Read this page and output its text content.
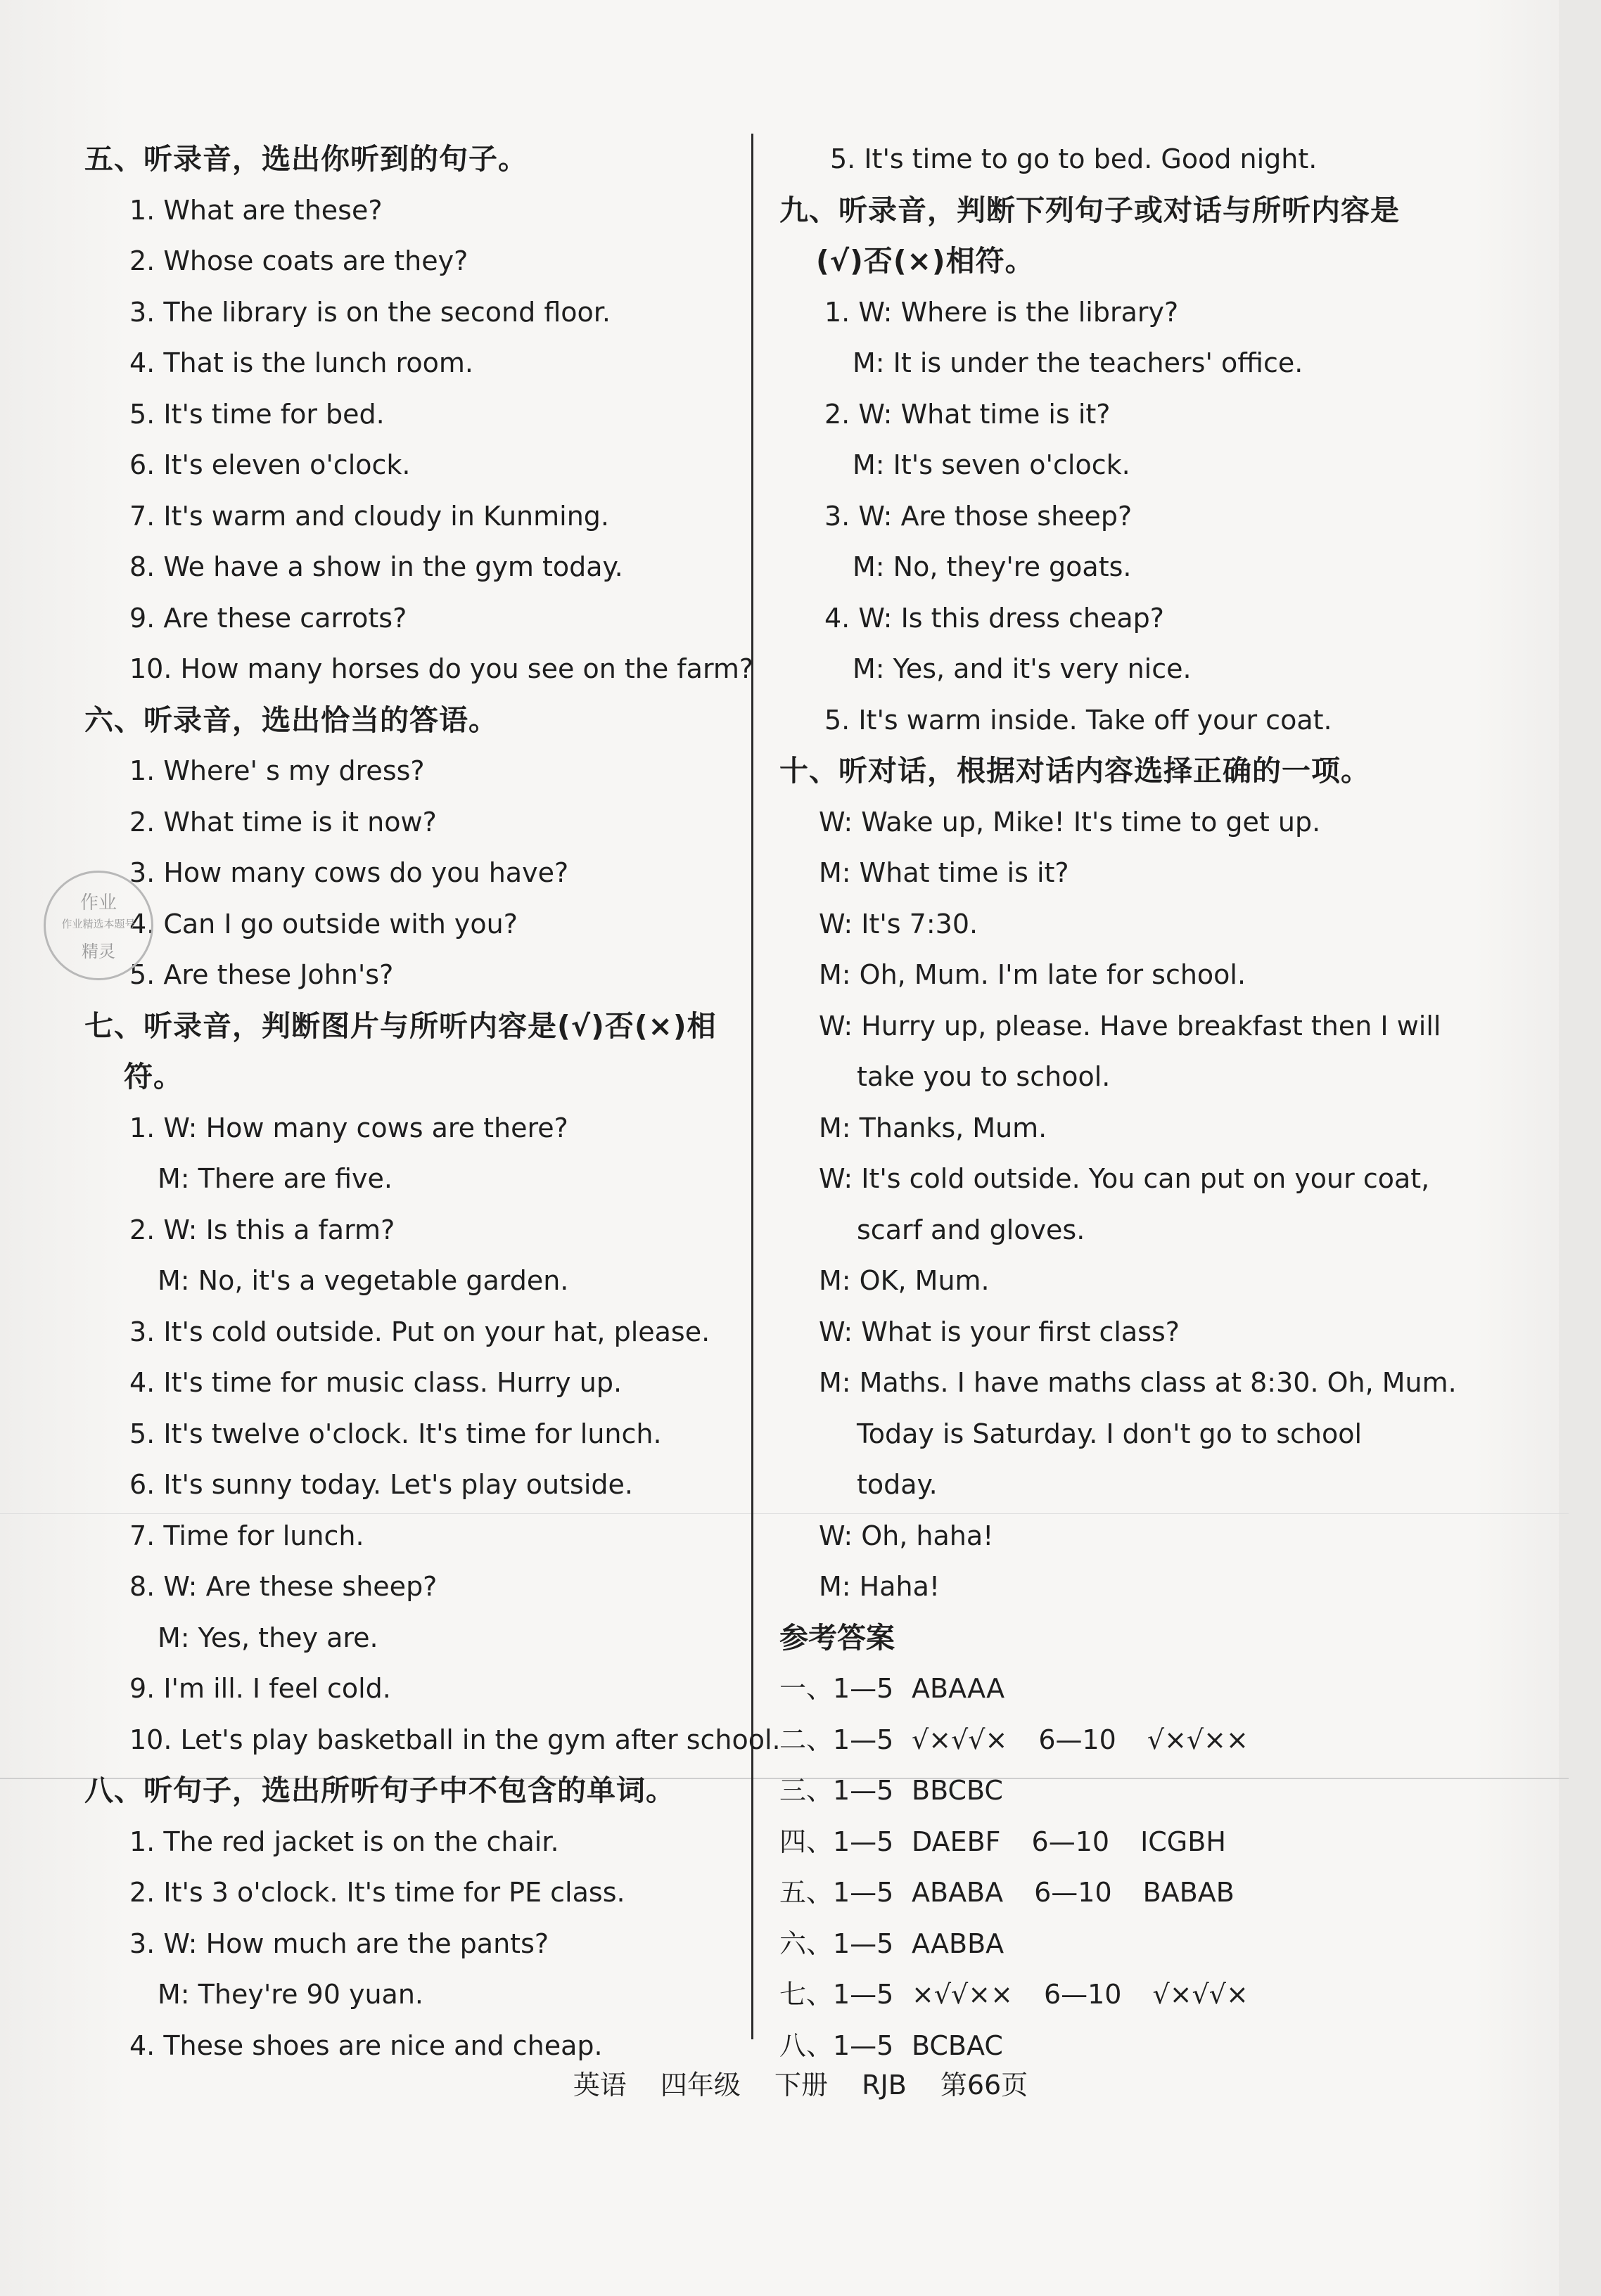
五、听录音，选出你听到的句子。
1. What are these?
2. Whose coats are they?
3. The library is on the second floor.
4. That is the lunch room.
5. It's time for bed.
6. It's eleven o'clock.
7. It's warm and cloudy in Kunming.
8. We have a show in the gym today.
9. Are these carrots?
10. How many horses do you see on the farm?
六、听录音，选出恰当的答语。
1. Where' s my dress?
2. What time is it now?
3. How many cows do you have?
4. Can I go outside with you?
5. Are these John's?
七、听录音，判断图片与所听内容是(√)否(×)相
符。
1. W: How many cows are there?
M: There are five.
2. W: Is this a farm?
M: No, it's a vegetable garden.
3. It's cold outside. Put on your hat, please.
4. It's time for music class. Hurry up.
5. It's twelve o'clock. It's time for lunch.
6. It's sunny today. Let's play outside.
7. Time for lunch.
8. W: Are these sheep?
M: Yes, they are.
9. I'm ill. I feel cold.
10. Let's play basketball in the gym after school.
八、听句子，选出所听句子中不包含的单词。
1. The red jacket is on the chair.
2. It's 3 o'clock. It's time for PE class.
3. W: How much are the pants?
M: They're 90 yuan.
4. These shoes are nice and cheap.
5. It's time to go to bed. Good night.
九、听录音，判断下列句子或对话与所听内容是
(√)否(×)相符。
1. W: Where is the library?
M: It is under the teachers' office.
2. W: What time is it?
M: It's seven o'clock.
3. W: Are those sheep?
M: No, they're goats.
4. W: Is this dress cheap?
M: Yes, and it's very nice.
5. It's warm inside. Take off your coat.
十、听对话，根据对话内容选择正确的一项。
W: Wake up, Mike! It's time to get up.
M: What time is it?
W: It's 7:30.
M: Oh, Mum. I'm late for school.
W: Hurry up, please. Have breakfast then I will
take you to school.
M: Thanks, Mum.
W: It's cold outside. You can put on your coat,
scarf and gloves.
M: OK, Mum.
W: What is your first class?
M: Maths. I have maths class at 8:30. Oh, Mum.
Today is Saturday. I don't go to school
today.
W: Oh, haha!
M: Haha!
参考答案
一、1—5 ABAAA
二、1—5 √×√√× 6—10 √×√××
三、1—5 BBCBC
四、1—5 DAEBF 6—10 ICGBH
五、1—5 ABABA 6—10 BABAB
六、1—5 AABBA
七、1—5 ×√√×× 6—10 √×√√×
八、1—5 BCBAC
作业
作业精选本题号
精灵
英语 四年级 下册 RJB 第66页
